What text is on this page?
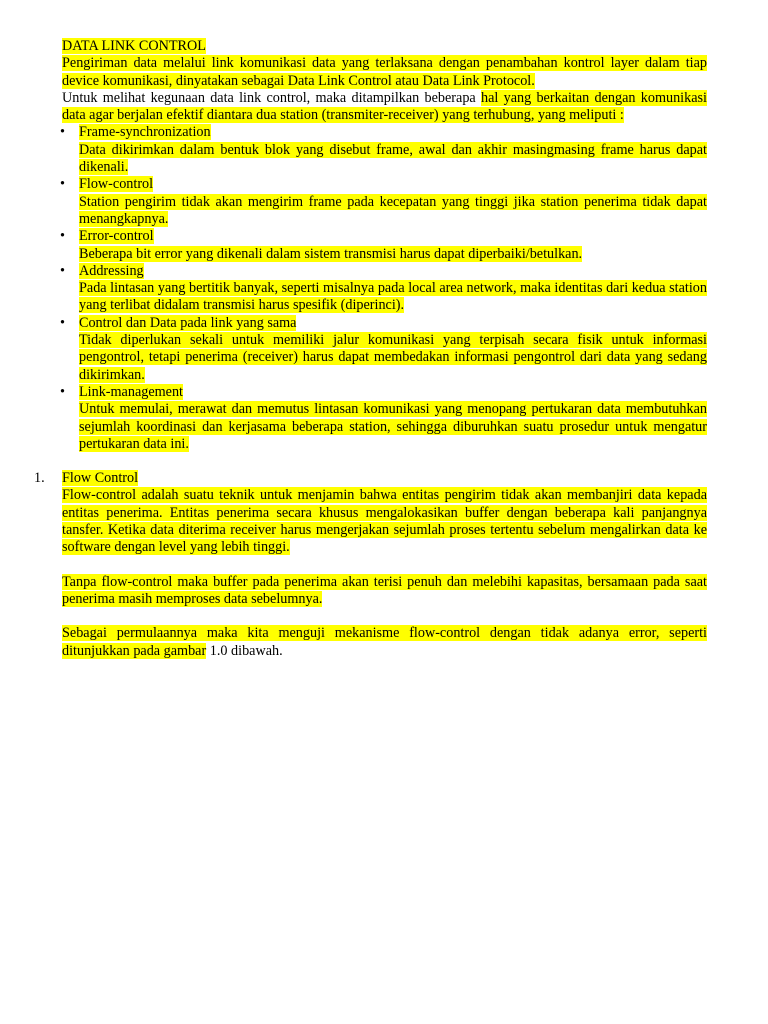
DATA LINK CONTROL

Pengiriman data melalui link komunikasi data yang terlaksana dengan penambahan kontrol layer dalam tiap device komunikasi, dinyatakan sebagai Data Link Control atau Data Link Protocol.

Untuk melihat kegunaan data link control, maka ditampilkan beberapa hal yang berkaitan dengan komunikasi data agar berjalan efektif diantara dua station (transmiter-receiver) yang terhubung, yang meliputi :

• Frame-synchronization

Data dikirimkan dalam bentuk blok yang disebut frame, awal dan akhir masingmasing frame harus dapat dikenali.

• Flow-control

Station pengirim tidak akan mengirim frame pada kecepatan yang tinggi jika station penerima tidak dapat menangkapnya.

• Error-control

Beberapa bit error yang dikenali dalam sistem transmisi harus dapat diperbaiki/betulkan.

• Addressing

Pada lintasan yang bertitik banyak, seperti misalnya pada local area network, maka identitas dari kedua station yang terlibat didalam transmisi harus spesifik (diperinci).

• Control dan Data pada link yang sama

Tidak diperlukan sekali untuk memiliki jalur komunikasi yang terpisah secara fisik untuk informasi pengontrol, tetapi penerima (receiver) harus dapat membedakan informasi pengontrol dari data yang sedang dikirimkan.

• Link-management

Untuk memulai, merawat dan memutus lintasan komunikasi yang menopang pertukaran data membutuhkan sejumlah koordinasi dan kerjasama beberapa station, sehingga diburuhkan suatu prosedur untuk mengatur pertukaran data ini.

1. Flow Control

Flow-control adalah suatu teknik untuk menjamin bahwa entitas pengirim tidak akan membanjiri data kepada entitas penerima. Entitas penerima secara khusus mengalokasikan buffer dengan beberapa kali panjangnya tansfer. Ketika data diterima receiver harus mengerjakan sejumlah proses tertentu sebelum mengalirkan data ke software dengan level yang lebih tinggi.

Tanpa flow-control maka buffer pada penerima akan terisi penuh dan melebihi kapasitas, bersamaan pada saat penerima masih memproses data sebelumnya.

Sebagai permulaannya maka kita menguji mekanisme flow-control dengan tidak adanya error, seperti ditunjukkan pada gambar 1.0 dibawah.
